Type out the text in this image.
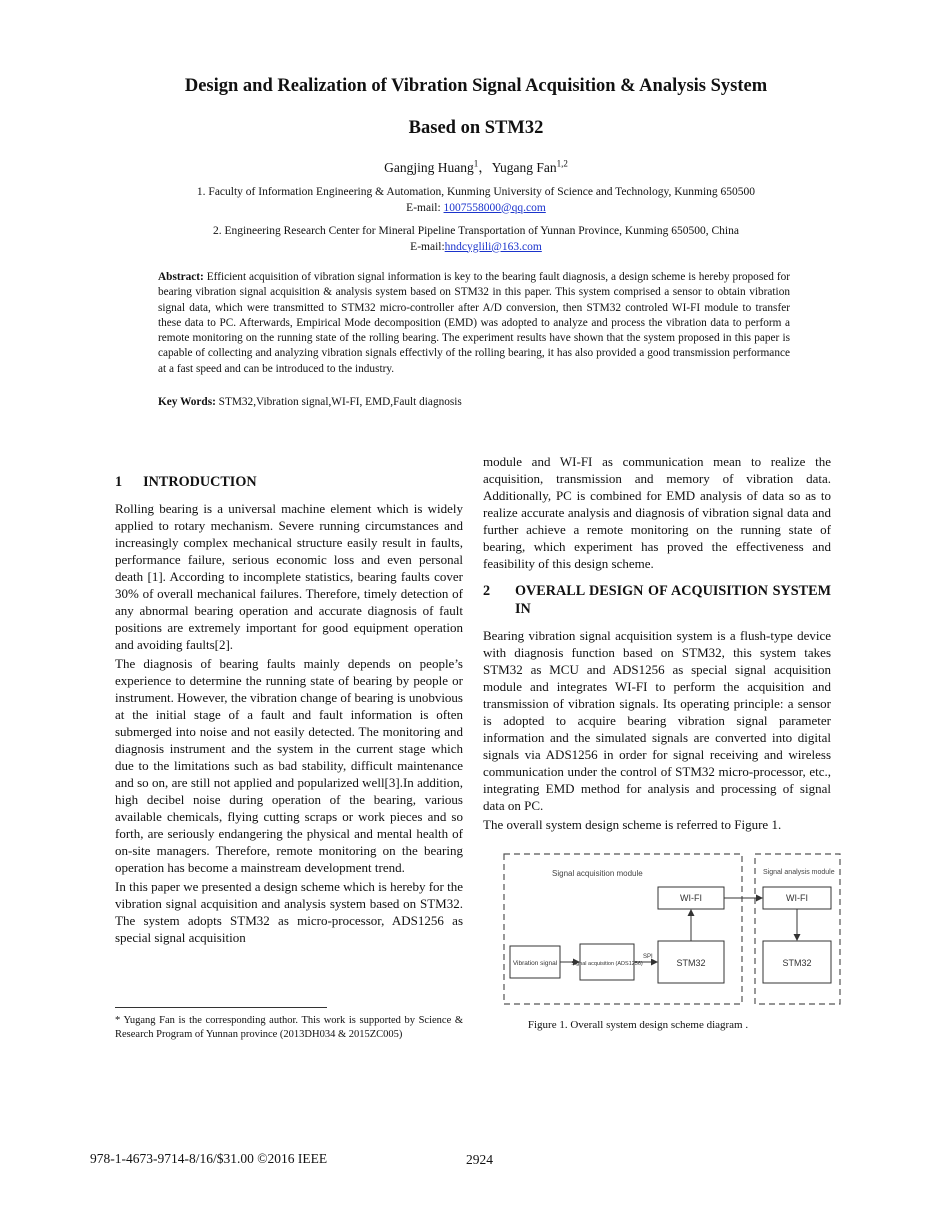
Design and Realization of Vibration Signal Acquisition & Analysis System
Based on STM32
Gangjing Huang$^1$，Yugang Fan$^{1,2}$
1. Faculty of Information Engineering & Automation, Kunming University of Science and Technology, Kunming 650500
E-mail: 1007558000@qq.com
2. Engineering Research Center for Mineral Pipeline Transportation of Yunnan Province, Kunming 650500, China
E-mail:hndcyglili@163.com
Abstract: Efficient acquisition of vibration signal information is key to the bearing fault diagnosis, a design scheme is hereby proposed for bearing vibration signal acquisition & analysis system based on STM32 in this paper. This system comprised a sensor to obtain vibration signal data, which were transmitted to STM32 micro-controller after A/D conversion, then STM32 controled WI-FI module to transfer these data to PC. Afterwards, Empirical Mode decomposition (EMD) was adopted to analyze and process the vibration data to perform a remote monitoring on the running state of the rolling bearing. The experiment results have shown that the system proposed in this paper is capable of collecting and analyzing vibration signals effectivly of the rolling bearing, it has also provided a good transmission performance at a fast speed and can be introduced to the industry.
Key Words: STM32,Vibration signal,WI-FI, EMD,Fault diagnosis
1 INTRODUCTION

Rolling bearing is a universal machine element which is widely applied to rotary mechanism. Severe running circumstances and increasingly complex mechanical structure easily result in faults, performance failure, serious economic loss and even personal death [1]. According to incomplete statistics, bearing faults cover 30% of overall mechanical failures. Therefore, timely detection of any abnormal bearing operation and accurate diagnosis of fault positions are extremely important for good equipment operation and avoiding faults[2].

The diagnosis of bearing faults mainly depends on people’s experience to determine the running state of bearing by people or instrument. However, the vibration change of bearing is unobvious at the initial stage of a fault and fault information is often submerged into noise and not easily detected. The monitoring and diagnosis instrument and the system in the current stage which due to the limitations such as bad stability, difficult maintenance and so on, are still not applied and popularized well[3].In addition, high decibel noise during operation of the bearing, various available chemicals, flying cutting scraps or work pieces and so forth, are seriously endangering the physical and mental health of on-site managers. Therefore, remote monitoring on the bearing operation has become a mainstream development trend.

In this paper we presented a design scheme which is hereby for the vibration signal acquisition and analysis system based on STM32. The system adopts STM32 as micro-processor, ADS1256 as special signal acquisition

module and WI-FI as communication mean to realize the acquisition, transmission and memory of vibration data. Additionally, PC is combined for EMD analysis of data so as to realize accurate analysis and diagnosis of vibration signal data and further achieve a remote monitoring on the running state of bearing, which experiment has proved the effectiveness and feasibility of this design scheme.

2 OVERALL DESIGN OF ACQUISITION SYSTEM IN

Bearing vibration signal acquisition system is a flush-type device with diagnosis function based on STM32, this system takes STM32 as MCU and ADS1256 as special signal acquisition module and integrates WI-FI to perform the acquisition and transmission of vibration signals. Its operating principle: a sensor is adopted to acquire bearing vibration signal parameter information and the simulated signals are converted into digital signals via ADS1256 in order for signal receiving and wireless communication under the control of STM32 micro-processor, etc., integrating EMD method for analysis and processing of signal data on PC.

The overall system design scheme is referred to Figure 1.

Signal acquisition module	Signal analysis module
Vibration signal	Signal acquisition (ADS1256)	STM32
WI-FI	WI-FI
STM32
SPI
Figure 1. Overall system design scheme diagram .
* Yugang Fan is the corresponding author. This work is supported by Science & Research Program of Yunnan province (2013DH034 & 2015ZC005)
978-1-4673-9714-8/16/$31.00 ©2016 IEEE	2924
